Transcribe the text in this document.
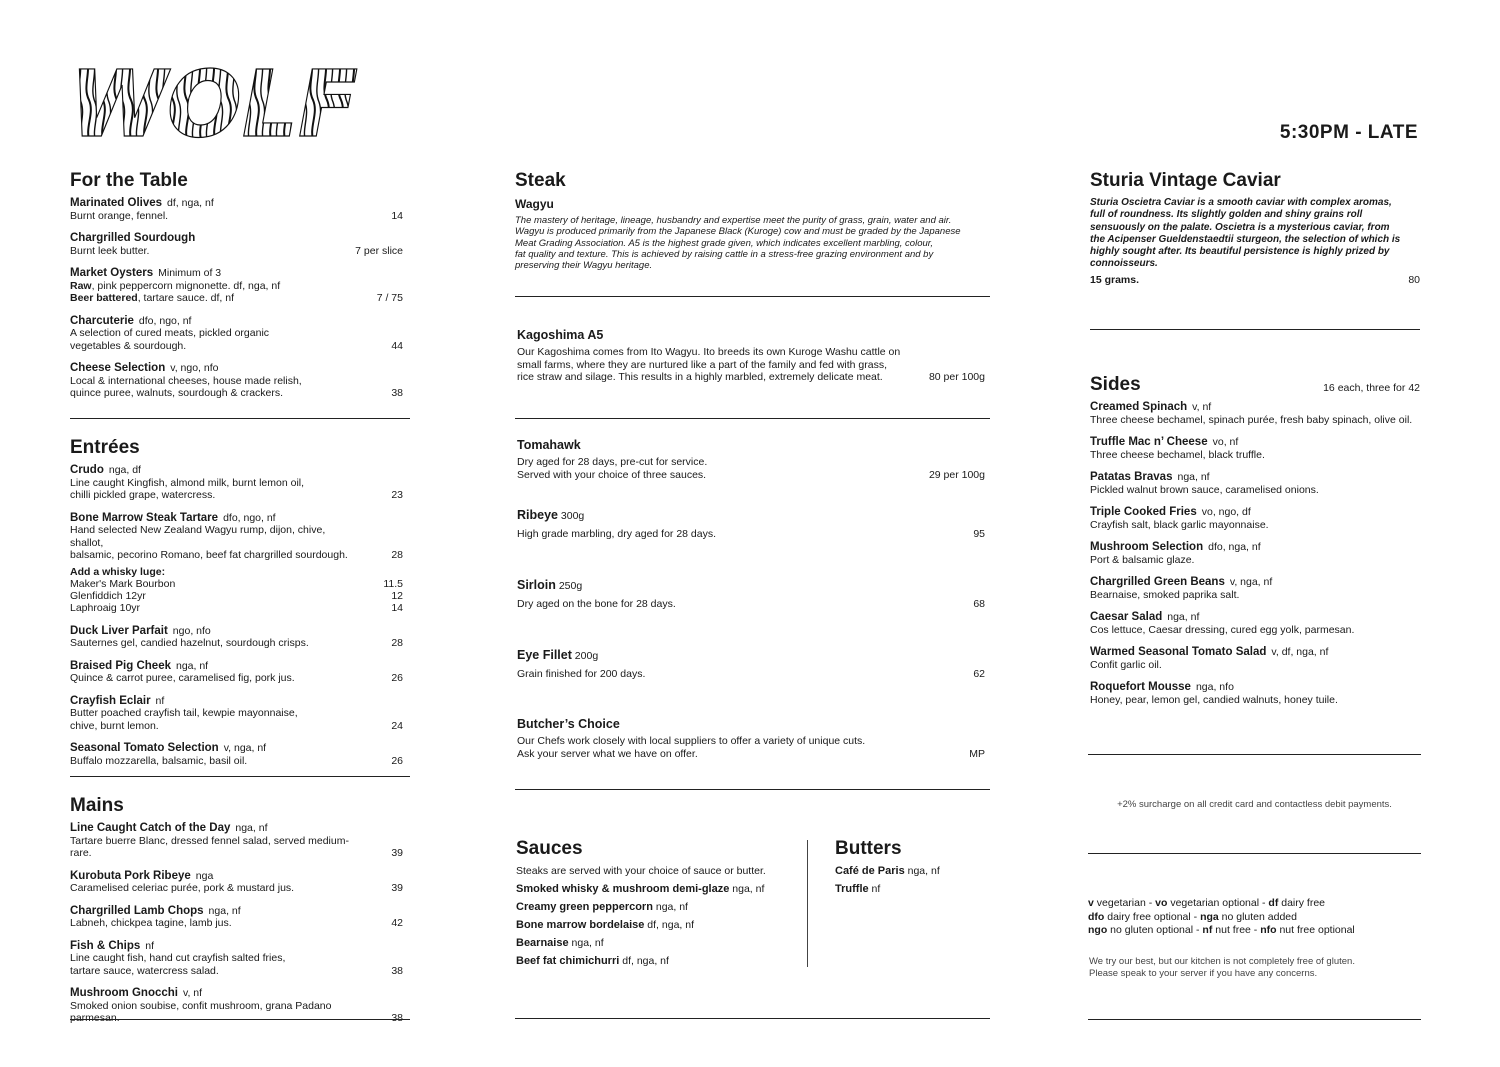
WOLF	5:30PM - LATE
For the Table
Marinated Olives df, nga, nf
Burnt orange, fennel.	14
Chargrilled Sourdough
Burnt leek butter.	7 per slice
Market Oysters Minimum of 3
Raw, pink peppercorn mignonette. df, nga, nf
Beer battered, tartare sauce. df, nf	7 / 75
Charcuterie dfo, ngo, nf
A selection of cured meats, pickled organic
vegetables & sourdough.	44
Cheese Selection v, ngo, nfo
Local & international cheeses, house made relish,
quince puree, walnuts, sourdough & crackers.	38
Entrées
Crudo nga, df
Line caught Kingfish, almond milk, burnt lemon oil,
chilli pickled grape, watercress.	23
Bone Marrow Steak Tartare dfo, ngo, nf
Hand selected New Zealand Wagyu rump, dijon, chive, shallot,
balsamic, pecorino Romano, beef fat chargrilled sourdough.	28
Add a whisky luge:
Maker's Mark Bourbon	11.5
Glenfiddich 12yr	12
Laphroaig 10yr	14
Duck Liver Parfait ngo, nfo
Sauternes gel, candied hazelnut, sourdough crisps.	28
Braised Pig Cheek nga, nf
Quince & carrot puree, caramelised fig, pork jus.	26
Crayfish Eclair nf
Butter poached crayfish tail, kewpie mayonnaise,
chive, burnt lemon.	24
Seasonal Tomato Selection v, nga, nf
Buffalo mozzarella, balsamic, basil oil.	26
Mains
Line Caught Catch of the Day nga, nf
Tartare buerre Blanc, dressed fennel salad, served medium-rare.	39
Kurobuta Pork Ribeye nga
Caramelised celeriac purée, pork & mustard jus.	39
Chargrilled Lamb Chops nga, nf
Labneh, chickpea tagine, lamb jus.	42
Fish & Chips nf
Line caught fish, hand cut crayfish salted fries,
tartare sauce, watercress salad.	38
Mushroom Gnocchi v, nf
Smoked onion soubise, confit mushroom, grana Padano parmesan.	38
Steak
Wagyu
The mastery of heritage, lineage, husbandry and expertise meet the purity of grass, grain, water and air.
Wagyu is produced primarily from the Japanese Black (Kuroge) cow and must be graded by the Japanese
Meat Grading Association. A5 is the highest grade given, which indicates excellent marbling, colour,
fat quality and texture. This is achieved by raising cattle in a stress-free grazing environment and by
preserving their Wagyu heritage.
Kagoshima A5
Our Kagoshima comes from Ito Wagyu. Ito breeds its own Kuroge Washu cattle on
small farms, where they are nurtured like a part of the family and fed with grass,
rice straw and silage. This results in a highly marbled, extremely delicate meat.	80 per 100g
Tomahawk
Dry aged for 28 days, pre-cut for service.
Served with your choice of three sauces.	29 per 100g
Ribeye 300g
High grade marbling, dry aged for 28 days.	95
Sirloin 250g
Dry aged on the bone for 28 days.	68
Eye Fillet 200g
Grain finished for 200 days.	62
Butcher’s Choice
Our Chefs work closely with local suppliers to offer a variety of unique cuts.
Ask your server what we have on offer.	MP
Sauces
Steaks are served with your choice of sauce or butter.
Smoked whisky & mushroom demi-glaze nga, nf
Creamy green peppercorn nga, nf
Bone marrow bordelaise df, nga, nf
Bearnaise nga, nf
Beef fat chimichurri df, nga, nf
Butters
Café de Paris nga, nf
Truffle nf
Sturia Vintage Caviar
Sturia Oscietra Caviar is a smooth caviar with complex aromas,
full of roundness. Its slightly golden and shiny grains roll
sensuously on the palate. Oscietra is a mysterious caviar, from
the Acipenser Gueldenstaedtii sturgeon, the selection of which is
highly sought after. Its beautiful persistence is highly prized by
connoisseurs.
15 grams.	80
Sides	16 each, three for 42
Creamed Spinach v, nf
Three cheese bechamel, spinach purée, fresh baby spinach, olive oil.
Truffle Mac n’ Cheese vo, nf
Three cheese bechamel, black truffle.
Patatas Bravas nga, nf
Pickled walnut brown sauce, caramelised onions.
Triple Cooked Fries vo, ngo, df
Crayfish salt, black garlic mayonnaise.
Mushroom Selection dfo, nga, nf
Port & balsamic glaze.
Chargrilled Green Beans v, nga, nf
Bearnaise, smoked paprika salt.
Caesar Salad nga, nf
Cos lettuce, Caesar dressing, cured egg yolk, parmesan.
Warmed Seasonal Tomato Salad v, df, nga, nf
Confit garlic oil.
Roquefort Mousse nga, nfo
Honey, pear, lemon gel, candied walnuts, honey tuile.
+2% surcharge on all credit card and contactless debit payments.
v vegetarian - vo vegetarian optional - df dairy free
dfo dairy free optional - nga no gluten added
ngo no gluten optional - nf nut free - nfo nut free optional
We try our best, but our kitchen is not completely free of gluten.
Please speak to your server if you have any concerns.
